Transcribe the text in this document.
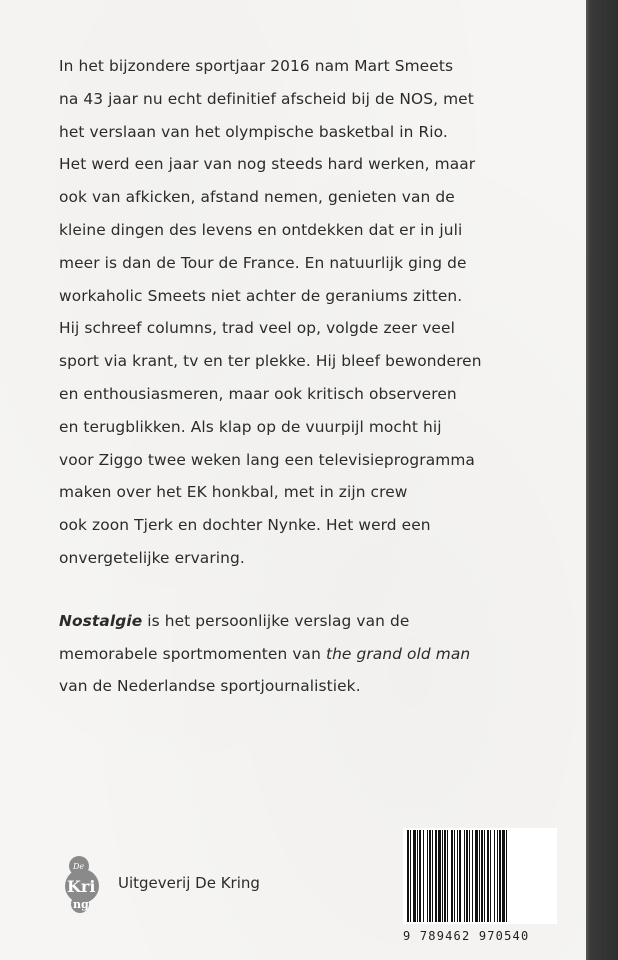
In het bijzondere sportjaar 2016 nam Mart Smeets
na 43 jaar nu echt definitief afscheid bij de NOS, met
het verslaan van het olympische basketbal in Rio.
Het werd een jaar van nog steeds hard werken, maar
ook van afkicken, afstand nemen, genieten van de
kleine dingen des levens en ontdekken dat er in juli
meer is dan de Tour de France. En natuurlijk ging de
workaholic Smeets niet achter de geraniums zitten.
Hij schreef columns, trad veel op, volgde zeer veel
sport via krant, tv en ter plekke. Hij bleef bewonderen
en enthousiasmeren, maar ook kritisch observeren
en terugblikken. Als klap op de vuurpijl mocht hij
voor Ziggo twee weken lang een televisieprogramma
maken over het EK honkbal, met in zijn crew
ook zoon Tjerk en dochter Nynke. Het werd een
onvergetelijke ervaring.

Nostalgie is het persoonlijke verslag van de
memorabele sportmomenten van the grand old man
van de Nederlandse sportjournalistiek.

De
Kri
ng
Uitgeverij De Kring
9 789462 970540
